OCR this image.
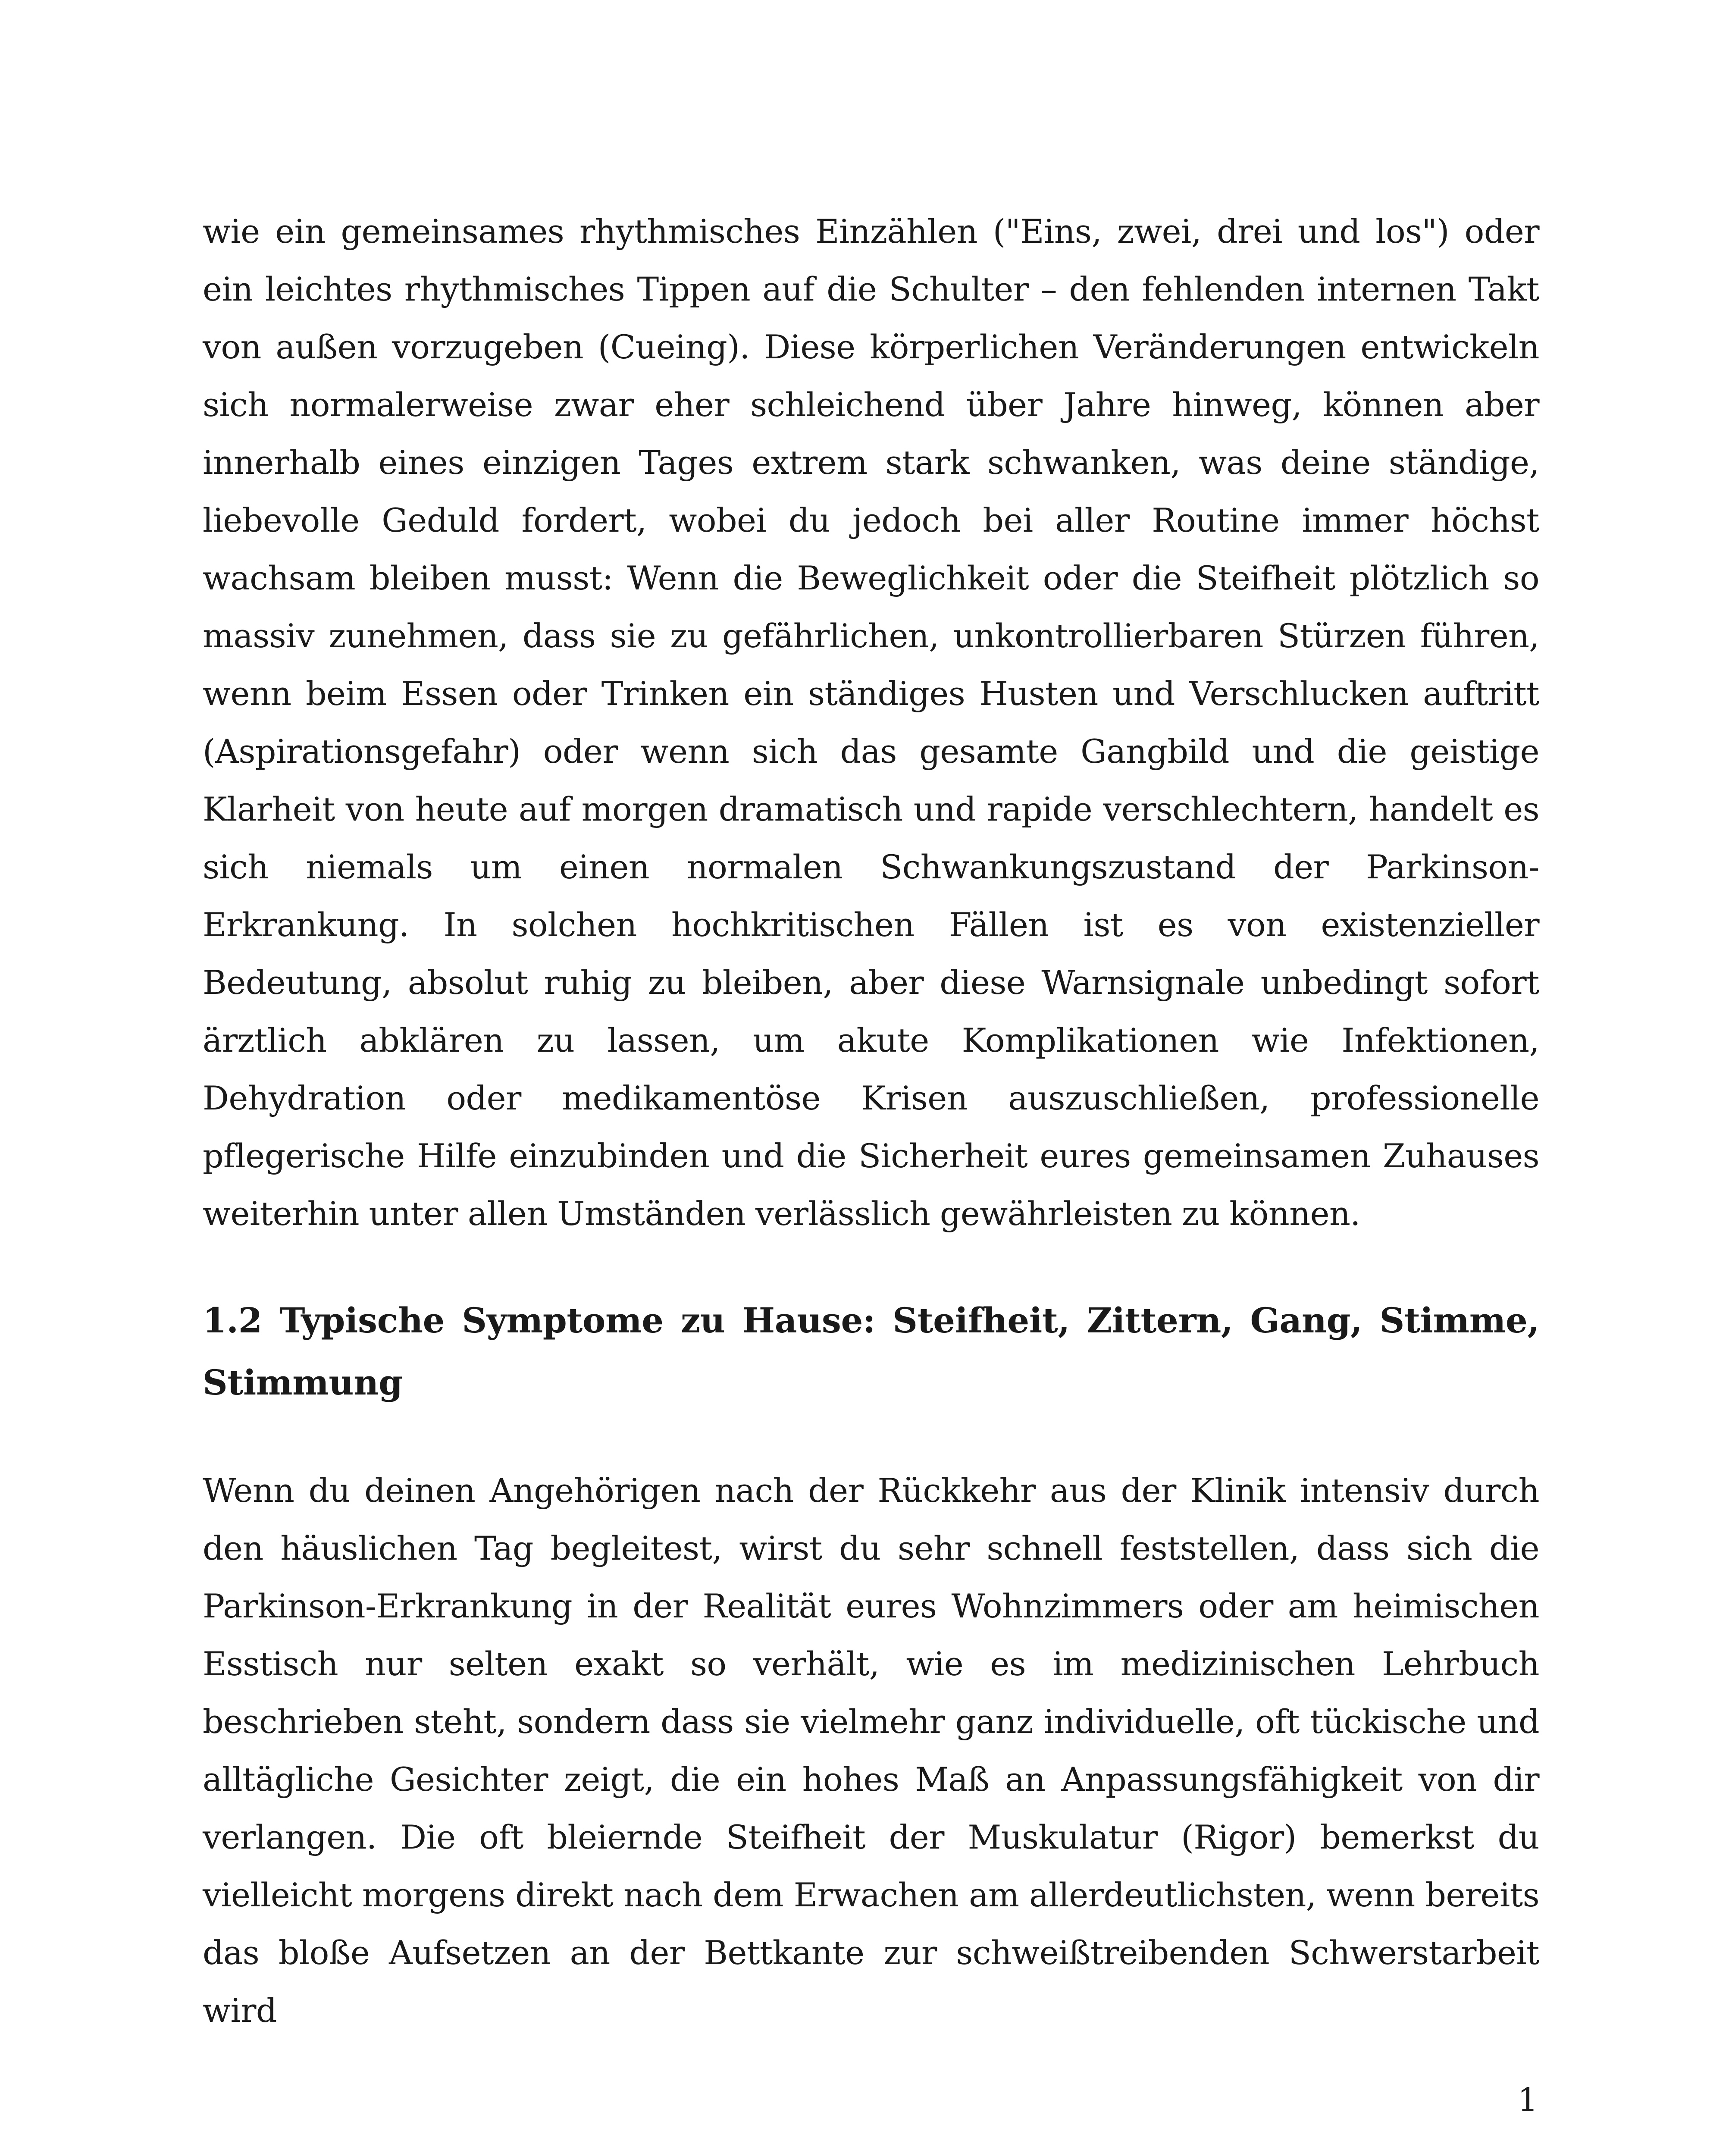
wie ein gemeinsames rhythmisches Einzählen ("Eins, zwei, drei und los") oder ein leichtes rhythmisches Tippen auf die Schulter – den fehlenden internen Takt von außen vorzugeben (Cueing). Diese körperlichen Veränderungen entwickeln sich normalerweise zwar eher schleichend über Jahre hinweg, können aber innerhalb eines einzigen Tages extrem stark schwanken, was deine ständige, liebevolle Geduld fordert, wobei du jedoch bei aller Routine immer höchst wachsam bleiben musst: Wenn die Beweglichkeit oder die Steifheit plötzlich so massiv zunehmen, dass sie zu gefährlichen, unkontrollierbaren Stürzen führen, wenn beim Essen oder Trinken ein ständiges Husten und Verschlucken auftritt (Aspirationsgefahr) oder wenn sich das gesamte Gangbild und die geistige Klarheit von heute auf morgen dramatisch und rapide verschlechtern, handelt es sich niemals um einen normalen Schwankungszustand der Parkinson-Erkrankung. In solchen hochkritischen Fällen ist es von existenzieller Bedeutung, absolut ruhig zu bleiben, aber diese Warnsignale unbedingt sofort ärztlich abklären zu lassen, um akute Komplikationen wie Infektionen, Dehydration oder medikamentöse Krisen auszuschließen, professionelle pflegerische Hilfe einzubinden und die Sicherheit eures gemeinsamen Zuhauses weiterhin unter allen Umständen verlässlich gewährleisten zu können.

1.2 Typische Symptome zu Hause: Steifheit, Zittern, Gang, Stimme, Stimmung

Wenn du deinen Angehörigen nach der Rückkehr aus der Klinik intensiv durch den häuslichen Tag begleitest, wirst du sehr schnell feststellen, dass sich die Parkinson-Erkrankung in der Realität eures Wohnzimmers oder am heimischen Esstisch nur selten exakt so verhält, wie es im medizinischen Lehrbuch beschrieben steht, sondern dass sie vielmehr ganz individuelle, oft tückische und alltägliche Gesichter zeigt, die ein hohes Maß an Anpassungsfähigkeit von dir verlangen. Die oft bleiernde Steifheit der Muskulatur (Rigor) bemerkst du vielleicht morgens direkt nach dem Erwachen am allerdeutlichsten, wenn bereits das bloße Aufsetzen an der Bettkante zur schweißtreibenden Schwerstarbeit wird

1
